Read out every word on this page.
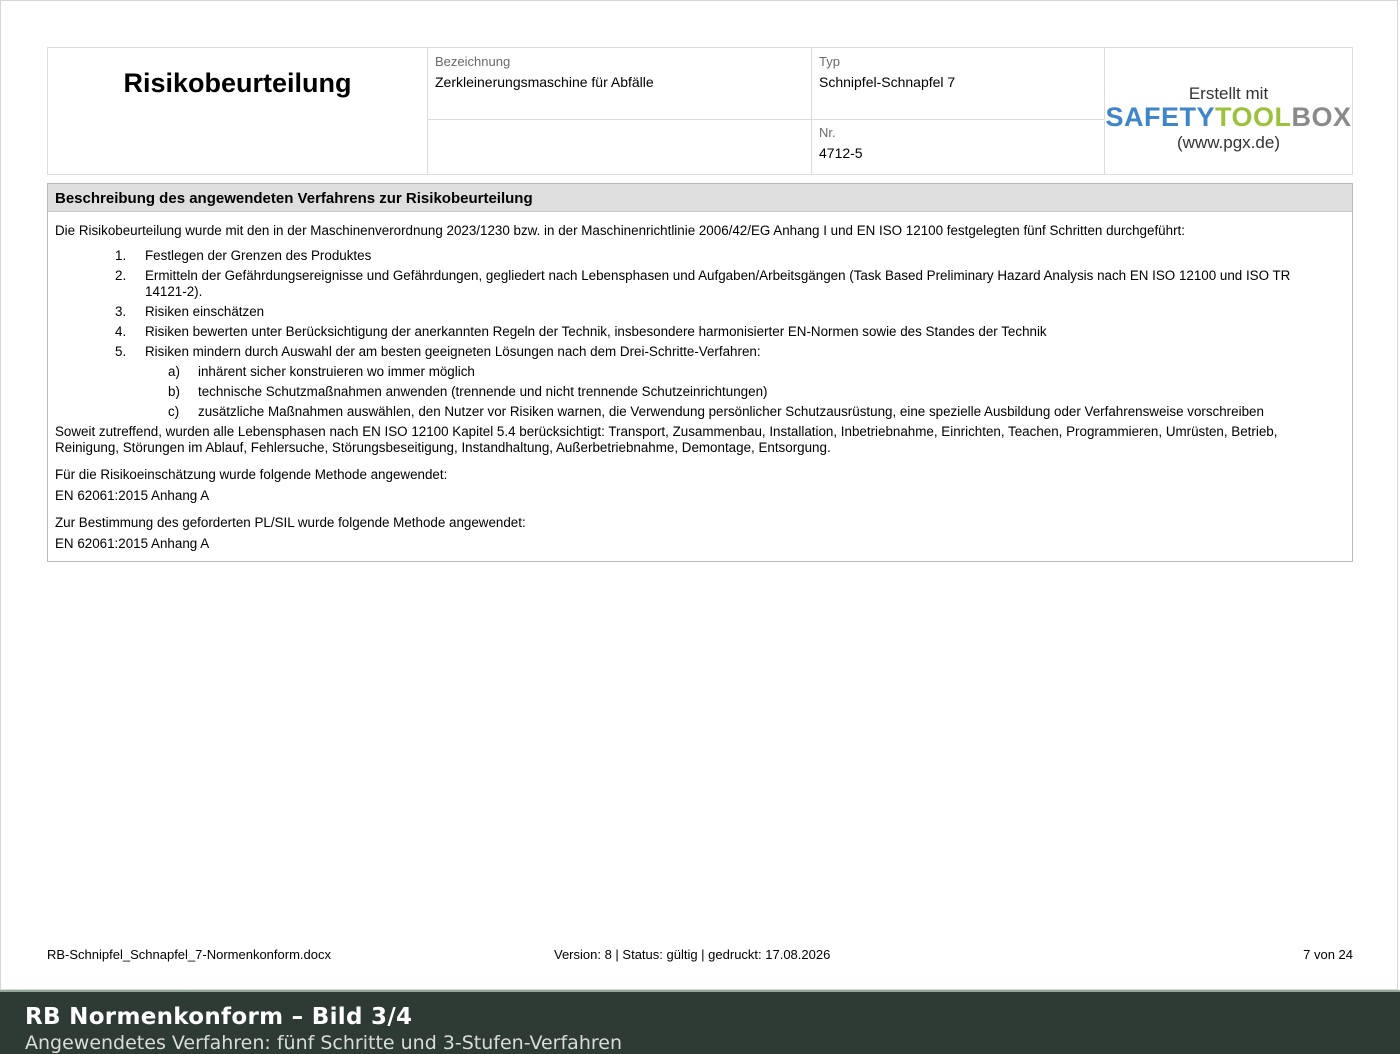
Risikobeurteilung
Bezeichnung
Zerkleinerungsmaschine für Abfälle
Typ
Schnipfel-Schnapfel 7
Nr.
4712-5
Erstellt mit
SAFETYTOOLBOX
(www.pgx.de)
Beschreibung des angewendeten Verfahrens zur Risikobeurteilung

Die Risikobeurteilung wurde mit den in der Maschinenverordnung 2023/1230 bzw. in der Maschinenrichtlinie 2006/42/EG Anhang I und EN ISO 12100 festgelegten fünf Schritten durchgeführt:

1. Festlegen der Grenzen des Produktes
2. Ermitteln der Gefährdungsereignisse und Gefährdungen, gegliedert nach Lebensphasen und Aufgaben/Arbeitsgängen (Task Based Preliminary Hazard Analysis nach EN ISO 12100 und ISO TR 14121-2).
3. Risiken einschätzen
4. Risiken bewerten unter Berücksichtigung der anerkannten Regeln der Technik, insbesondere harmonisierter EN-Normen sowie des Standes der Technik
5. Risiken mindern durch Auswahl der am besten geeigneten Lösungen nach dem Drei-Schritte-Verfahren:
a) inhärent sicher konstruieren wo immer möglich
b) technische Schutzmaßnahmen anwenden (trennende und nicht trennende Schutzeinrichtungen)
c) zusätzliche Maßnahmen auswählen, den Nutzer vor Risiken warnen, die Verwendung persönlicher Schutzausrüstung, eine spezielle Ausbildung oder Verfahrensweise vorschreiben

Soweit zutreffend, wurden alle Lebensphasen nach EN ISO 12100 Kapitel 5.4 berücksichtigt: Transport, Zusammenbau, Installation, Inbetriebnahme, Einrichten, Teachen, Programmieren, Umrüsten, Betrieb, Reinigung, Störungen im Ablauf, Fehlersuche, Störungsbeseitigung, Instandhaltung, Außerbetriebnahme, Demontage, Entsorgung.

Für die Risikoeinschätzung wurde folgende Methode angewendet:

EN 62061:2015 Anhang A

Zur Bestimmung des geforderten PL/SIL wurde folgende Methode angewendet:

EN 62061:2015 Anhang A

RB-Schnipfel_Schnapfel_7-Normenkonform.docx	Version: 8 | Status: gültig | gedruckt: 17.08.2026	7 von 24
RB Normenkonform – Bild 3/4
Angewendetes Verfahren: fünf Schritte und 3-Stufen-Verfahren
